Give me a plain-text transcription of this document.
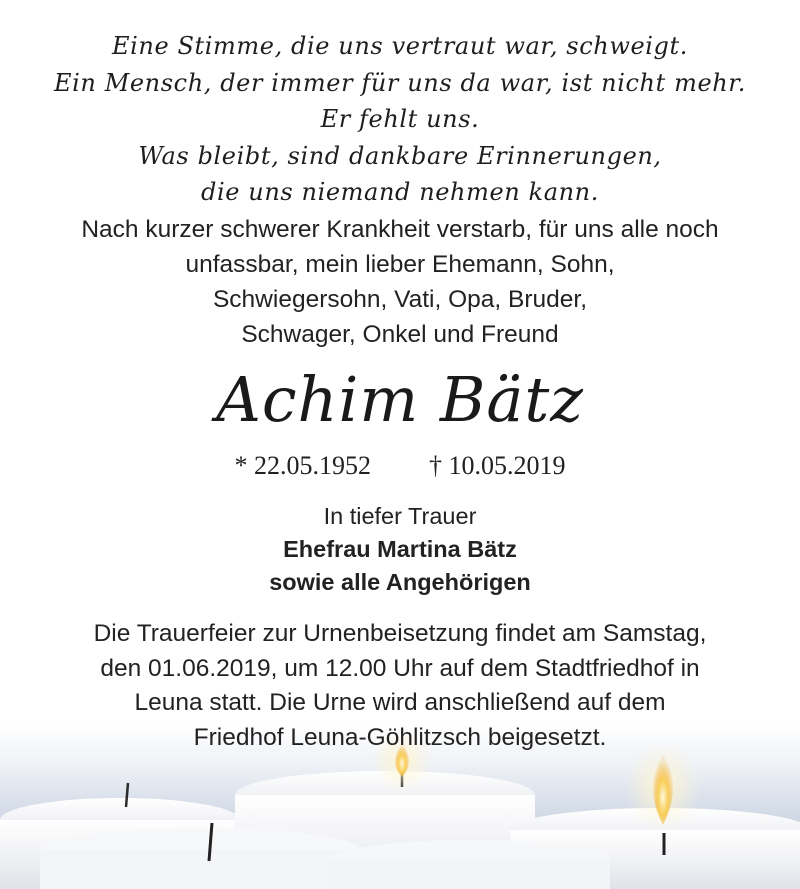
Eine Stimme, die uns vertraut war, schweigt.
Ein Mensch, der immer für uns da war, ist nicht mehr.
Er fehlt uns.
Was bleibt, sind dankbare Erinnerungen,
die uns niemand nehmen kann.
Nach kurzer schwerer Krankheit verstarb, für uns alle noch
unfassbar, mein lieber Ehemann, Sohn,
Schwiegersohn, Vati, Opa, Bruder,
Schwager, Onkel und Freund
Achim Bätz
* 22.05.1952 † 10.05.2019
In tiefer Trauer
Ehefrau Martina Bätz
sowie alle Angehörigen
Die Trauerfeier zur Urnenbeisetzung findet am Samstag,
den 01.06.2019, um 12.00 Uhr auf dem Stadtfriedhof in
Leuna statt. Die Urne wird anschließend auf dem
Friedhof Leuna-Göhlitzsch beigesetzt.
